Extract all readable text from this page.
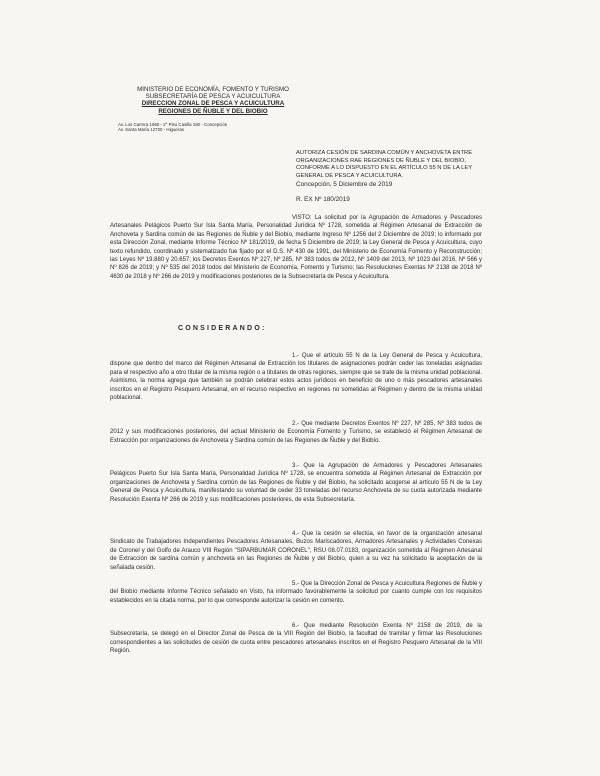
MINISTERIO DE ECONOMÍA, FOMENTO Y TURISMO
SUBSECRETARÍA DE PESCA Y ACUICULTURA
DIRECCION ZONAL DE PESCA Y ACUICULTURA
REGIONES DE ÑUBLE Y DEL BIOBIO
Av. Los Carrera 1960 - 2° Piso Casilla 180 - Concepción
Av. Santa María 12700 - Higueras
AUTORIZA CESIÓN DE SARDINA COMÚN Y ANCHOVETA ENTRE ORGANIZACIONES RAE REGIONES DE ÑUBLE Y DEL BIOBÍO, CONFORME A LO DISPUESTO EN EL ARTÍCULO 55 N DE LA LEY GENERAL DE PESCA Y ACUICULTURA.
Concepción, 5 Diciembre de 2019
R. EX Nº 180/2019
VISTO: La solicitud por la Agrupación de Armadores y Pescadores Artesanales Pelágicos Puerto Sur Isla Santa María, Personalidad Jurídica Nº 1728, sometida al Régimen Artesanal de Extracción de Anchoveta y Sardina común de las Regiones de Ñuble y del Biobío, mediante Ingreso Nº 1256 del 2 Diciembre de 2019; lo informado por esta Dirección Zonal, mediante Informe Técnico Nº 181/2019, de fecha 5 Diciembre de 2019; la Ley General de Pesca y Acuicultura, cuyo texto refundido, coordinado y sistematizado fue fijado por el D.S. Nº 430 de 1991, del Ministerio de Economía Fomento y Reconstrucción; las Leyes Nº 19.880 y 20.657; los Decretos Exentos Nº 227, Nº 285, Nº 383 todos de 2012, Nº 1409 del 2013, Nº 1023 del 2016, Nº 566 y Nº 826 de 2019; y Nº 535 del 2018 todos del Ministerio de Economía, Fomento y Turismo; las Resoluciones Exentas Nº 2138 de 2018 Nº 4630 de 2018 y Nº 266 de 2019 y modificaciones posteriores de la Subsecretaría de Pesca y Acuicultura.
CONSIDERANDO:
1.- Que el artículo 55 N de la Ley General de Pesca y Acuicultura, dispone que dentro del marco del Régimen Artesanal de Extracción los titulares de asignaciones podrán ceder las toneladas asignadas para el respectivo año a otro titular de la misma región o a titulares de otras regiones, siempre que se trate de la misma unidad poblacional. Asimismo, la norma agrega que también se podrán celebrar estos actos jurídicos en beneficio de uno o más pescadores artesanales inscritos en el Registro Pesquero Artesanal, en el recurso respectivo en regiones no sometidas al Régimen y dentro de la misma unidad poblacional.
2.- Que mediante Decretos Exentos Nº 227, Nº 285, Nº 383 todos de 2012 y sus modificaciones posteriores, del actual Ministerio de Economía Fomento y Turismo, se estableció el Régimen Artesanal de Extracción por organizaciones de Anchoveta y Sardina común de las Regiones de Ñuble y del Biobío.
3.- Que la Agrupación de Armadores y Pescadores Artesanales Pelágicos Puerto Sur Isla Santa María, Personalidad Jurídica Nº 1728, se encuentra sometida al Régimen Artesanal de Extracción por organizaciones de Anchoveta y Sardina común de las Regiones de Ñuble y del Biobío, ha solicitado acogerse al artículo 55 N de la Ley General de Pesca y Acuicultura, manifestando su voluntad de ceder 33 toneladas del recurso Anchoveta de su cuota autorizada mediante Resolución Exenta Nº 266 de 2019 y sus modificaciones posteriores, de esta Subsecretaría.
4.- Que la cesión se efectúa, en favor de la organización artesanal Sindicato de Trabajadores Independientes Pescadores Artesanales, Buzos Mariscadores, Armadores Artesanales y Actividades Conexas de Coronel y del Golfo de Arauco VIII Región "SIPARBUMAR CORONEL", RSU 08.07.0183, organización sometida al Régimen Artesanal de Extracción de sardina común y anchoveta en las Regiones de Ñuble y del Biobío, quien a su vez ha solicitado la aceptación de la señalada cesión.
5.- Que la Dirección Zonal de Pesca y Acuicultura Regiones de Ñuble y del Biobío mediante Informe Técnico señalado en Visto, ha informado favorablemente la solicitud por cuanto cumple con los requisitos establecidos en la citada norma, por lo que corresponde autorizar la cesión en comento.
6.- Que mediante Resolución Exenta Nº 2158 de 2019, de la Subsecretaría, se delegó en el Director Zonal de Pesca de la VIII Región del Biobío, la facultad de tramitar y firmar las Resoluciones correspondientes a las solicitudes de cesión de cuota entre pescadores artesanales inscritos en el Registro Pesquero Artesanal de la VIII Región.
